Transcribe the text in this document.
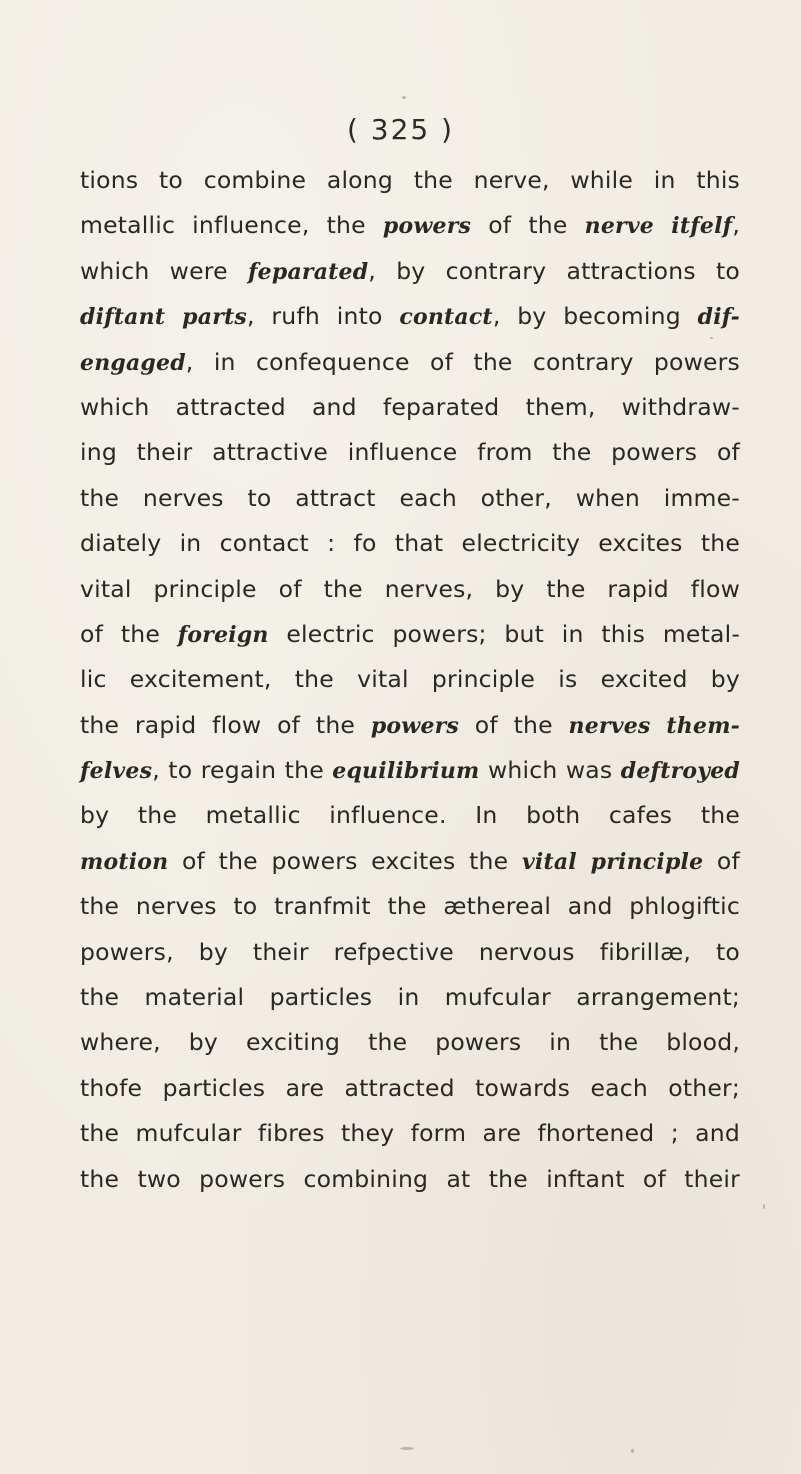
( 325 )
tions to combine along the nerve, while in this
metallic influence, the powers of the nerve itfelf,
which were feparated, by contrary attractions to
diftant parts, rufh into contact, by becoming dif-
engaged, in confequence of the contrary powers
which attracted and feparated them, withdraw-
ing their attractive influence from the powers of
the nerves to attract each other, when imme-
diately in contact : fo that electricity excites the
vital principle of the nerves, by the rapid flow
of the foreign electric powers; but in this metal-
lic excitement, the vital principle is excited by
the rapid flow of the powers of the nerves them-
felves, to regain the equilibrium which was deftroyed
by the metallic influence. In both cafes the
motion of the powers excites the vital principle of
the nerves to tranfmit the æthereal and phlogiftic
powers, by their refpective nervous fibrillæ, to
the material particles in mufcular arrangement;
where, by exciting the powers in the blood,
thofe particles are attracted towards each other;
the mufcular fibres they form are fhortened ; and
the two powers combining at the inftant of their
